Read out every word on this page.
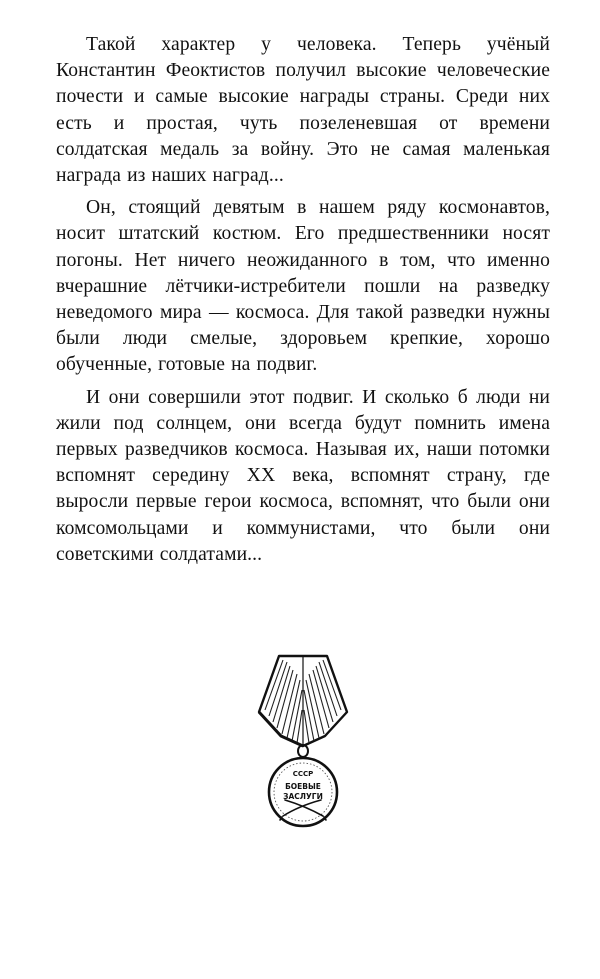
Такой характер у человека. Теперь учёный Константин Феоктистов получил высокие человеческие почести и самые высокие награды страны. Среди них есть и простая, чуть позеленевшая от времени солдатская медаль за войну. Это не самая маленькая награда из наших наград...

Он, стоящий девятым в нашем ряду космонавтов, носит штатский костюм. Его предшественники носят погоны. Нет ничего неожиданного в том, что именно вчерашние лётчики-истребители пошли на разведку неведомого мира — космоса. Для такой разведки нужны были люди смелые, здоровьем крепкие, хорошо обученные, готовые на подвиг.

И они совершили этот подвиг. И сколько б люди ни жили под солнцем, они всегда будут помнить имена первых разведчиков космоса. Называя их, наши потомки вспомнят середину XX века, вспомнят страну, где выросли первые герои космоса, вспомнят, что были они комсомольцами и коммунистами, что были они советскими солдатами...

СССР
БОЕВЫЕ
ЗАСЛУГИ
